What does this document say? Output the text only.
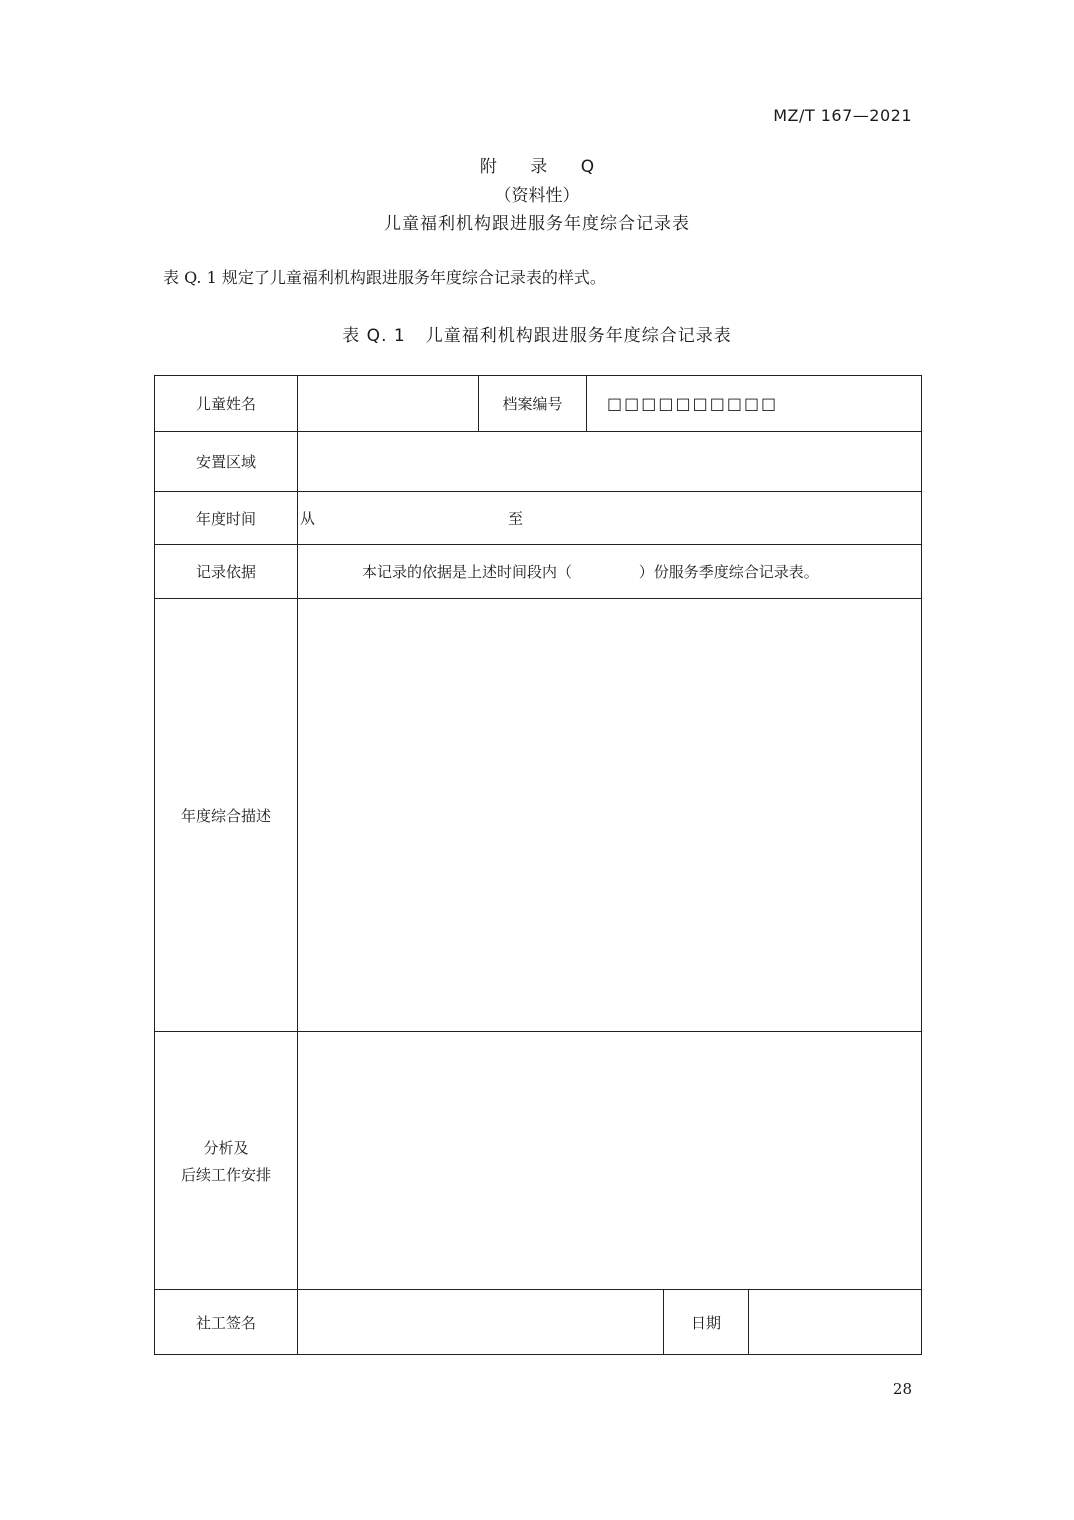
MZ/T 167—2021
附 录 Q
（资料性）
儿童福利机构跟进服务年度综合记录表
表 Q. 1 规定了儿童福利机构跟进服务年度综合记录表的样式。
表 Q. 1 儿童福利机构跟进服务年度综合记录表
儿童姓名		档案编号	□□□□□□□□□□		
安置区域					
年度时间	从 至				

记录依据	本记录的依据是上述时间段内（              ）份服务季度综合记录表。				
年度综合描述					

分析及
后续工作安排					

社工签名				日期	
28
